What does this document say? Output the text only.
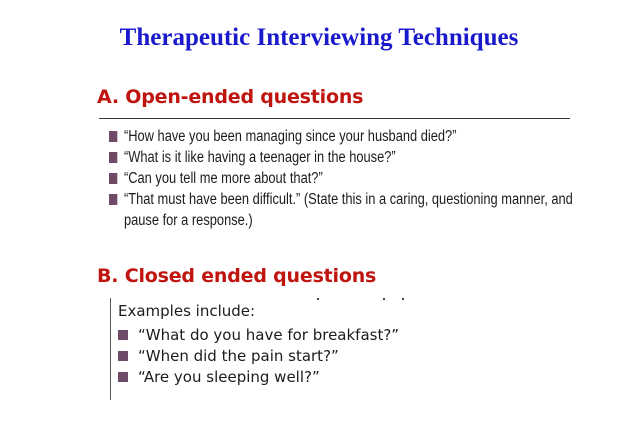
Therapeutic Interviewing Techniques
A. Open-ended questions
“How have you been managing since your husband died?”
“What is it like having a teenager in the house?”
“Can you tell me more about that?”
“That must have been difficult.” (State this in a caring, questioning manner, and pause for a response.)
B. Closed ended questions
Examples include:
“What do you have for breakfast?”
“When did the pain start?”
“Are you sleeping well?”
